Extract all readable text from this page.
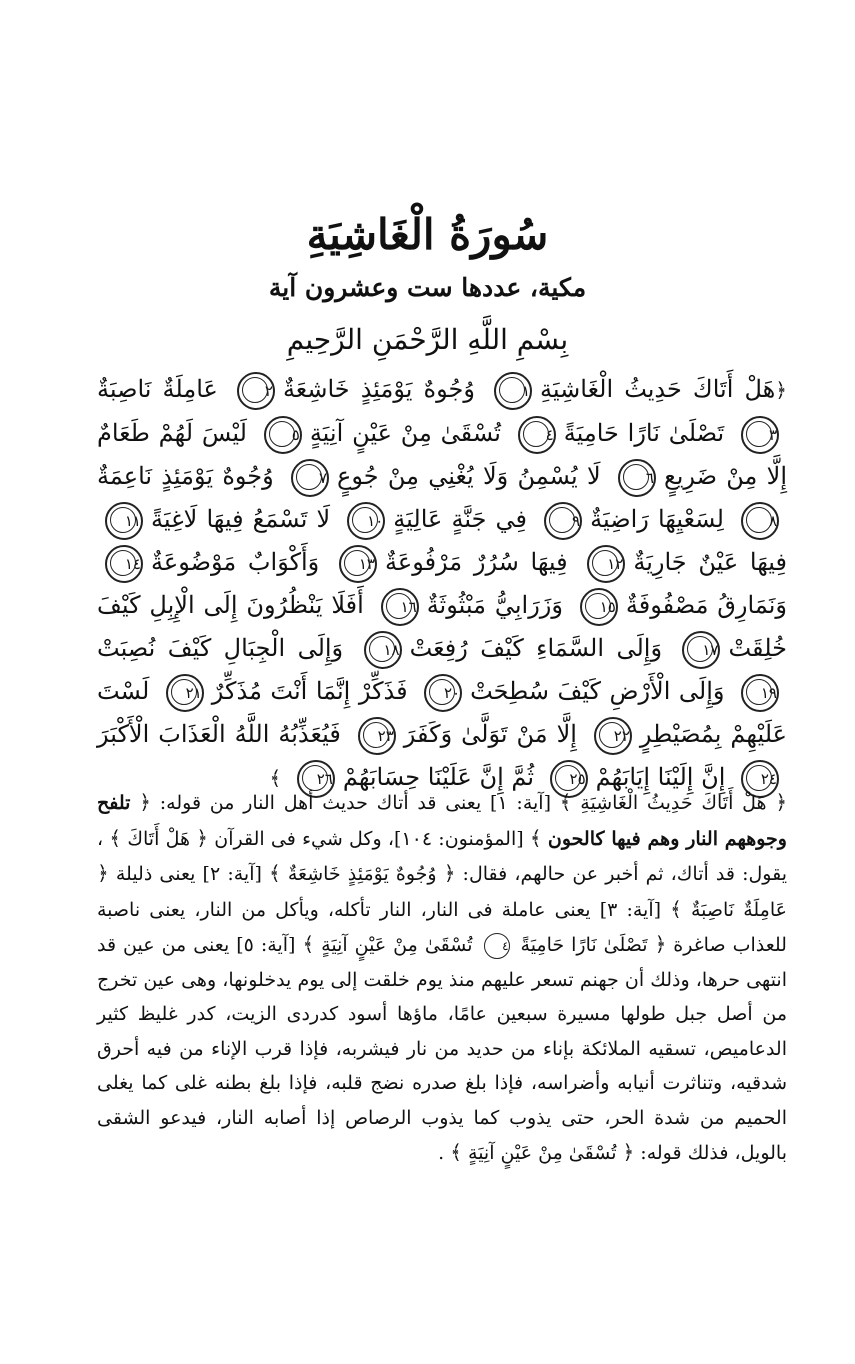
سُورَةُ الْغَاشِيَةِ
مكية، عددها ست وعشرون آية
بِسْمِ اللَّهِ الرَّحْمَنِ الرَّحِيمِ
﴿هَلْ أَتَاكَ حَدِيثُ الْغَاشِيَةِ١ وُجُوهٌ يَوْمَئِذٍ خَاشِعَةٌ٢ عَامِلَةٌ نَاصِبَةٌ٣ تَصْلَىٰ نَارًا حَامِيَةً٤ تُسْقَىٰ مِنْ عَيْنٍ آنِيَةٍ٥ لَيْسَ لَهُمْ طَعَامٌ إِلَّا مِنْ ضَرِيعٍ٦ لَا يُسْمِنُ وَلَا يُغْنِي مِنْ جُوعٍ٧ وُجُوهٌ يَوْمَئِذٍ نَاعِمَةٌ٨ لِسَعْيِهَا رَاضِيَةٌ٩ فِي جَنَّةٍ عَالِيَةٍ١٠ لَا تَسْمَعُ فِيهَا لَاغِيَةً١١ فِيهَا عَيْنٌ جَارِيَةٌ١٢ فِيهَا سُرُرٌ مَرْفُوعَةٌ١٣ وَأَكْوَابٌ مَوْضُوعَةٌ١٤ وَنَمَارِقُ مَصْفُوفَةٌ١٥ وَزَرَابِيُّ مَبْثُوثَةٌ١٦ أَفَلَا يَنْظُرُونَ إِلَى الْإِبِلِ كَيْفَ خُلِقَتْ١٧ وَإِلَى السَّمَاءِ كَيْفَ رُفِعَتْ١٨ وَإِلَى الْجِبَالِ كَيْفَ نُصِبَتْ١٩ وَإِلَى الْأَرْضِ كَيْفَ سُطِحَتْ٢٠ فَذَكِّرْ إِنَّمَا أَنْتَ مُذَكِّرٌ٢١ لَسْتَ عَلَيْهِمْ بِمُصَيْطِرٍ٢٢ إِلَّا مَنْ تَوَلَّىٰ وَكَفَرَ٢٣ فَيُعَذِّبُهُ اللَّهُ الْعَذَابَ الْأَكْبَرَ٢٤ إِنَّ إِلَيْنَا إِيَابَهُمْ٢٥ ثُمَّ إِنَّ عَلَيْنَا حِسَابَهُمْ٢٦ ﴾
﴿ هَلْ أَتَاكَ حَدِيثُ الْغَاشِيَةِ ﴾ [آية: ١] يعنى قد أتاك حديث أهل النار من قوله: ﴿ تلفح وجوههم النار وهم فيها كالحون ﴾ [المؤمنون: ١٠٤]، وكل شيء فى القرآن ﴿ هَلْ أَتَاكَ ﴾ ، يقول: قد أتاك، ثم أخبر عن حالهم، فقال: ﴿ وُجُوهٌ يَوْمَئِذٍ خَاشِعَةٌ ﴾ [آية: ٢] يعنى ذليلة ﴿ عَامِلَةٌ نَاصِبَةٌ ﴾ [آية: ٣] يعنى عاملة فى النار، النار تأكله، ويأكل من النار، يعنى ناصبة للعذاب صاغرة ﴿ تَصْلَىٰ نَارًا حَامِيَةً ٤ تُسْقَىٰ مِنْ عَيْنٍ آنِيَةٍ ﴾ [آية: ٥] يعنى من عين قد انتهى حرها، وذلك أن جهنم تسعر عليهم منذ يوم خلقت إلى يوم يدخلونها، وهى عين تخرج من أصل جبل طولها مسيرة سبعين عامًا، ماؤها أسود كدردى الزيت، كدر غليظ كثير الدعاميص، تسقيه الملائكة بإناء من حديد من نار فيشربه، فإذا قرب الإناء من فيه أحرق شدقيه، وتناثرت أنيابه وأضراسه، فإذا بلغ صدره نضج قلبه، فإذا بلغ بطنه غلى كما يغلى الحميم من شدة الحر، حتى يذوب كما يذوب الرصاص إذا أصابه النار، فيدعو الشقى بالويل، فذلك قوله: ﴿ تُسْقَىٰ مِنْ عَيْنٍ آنِيَةٍ ﴾ .
